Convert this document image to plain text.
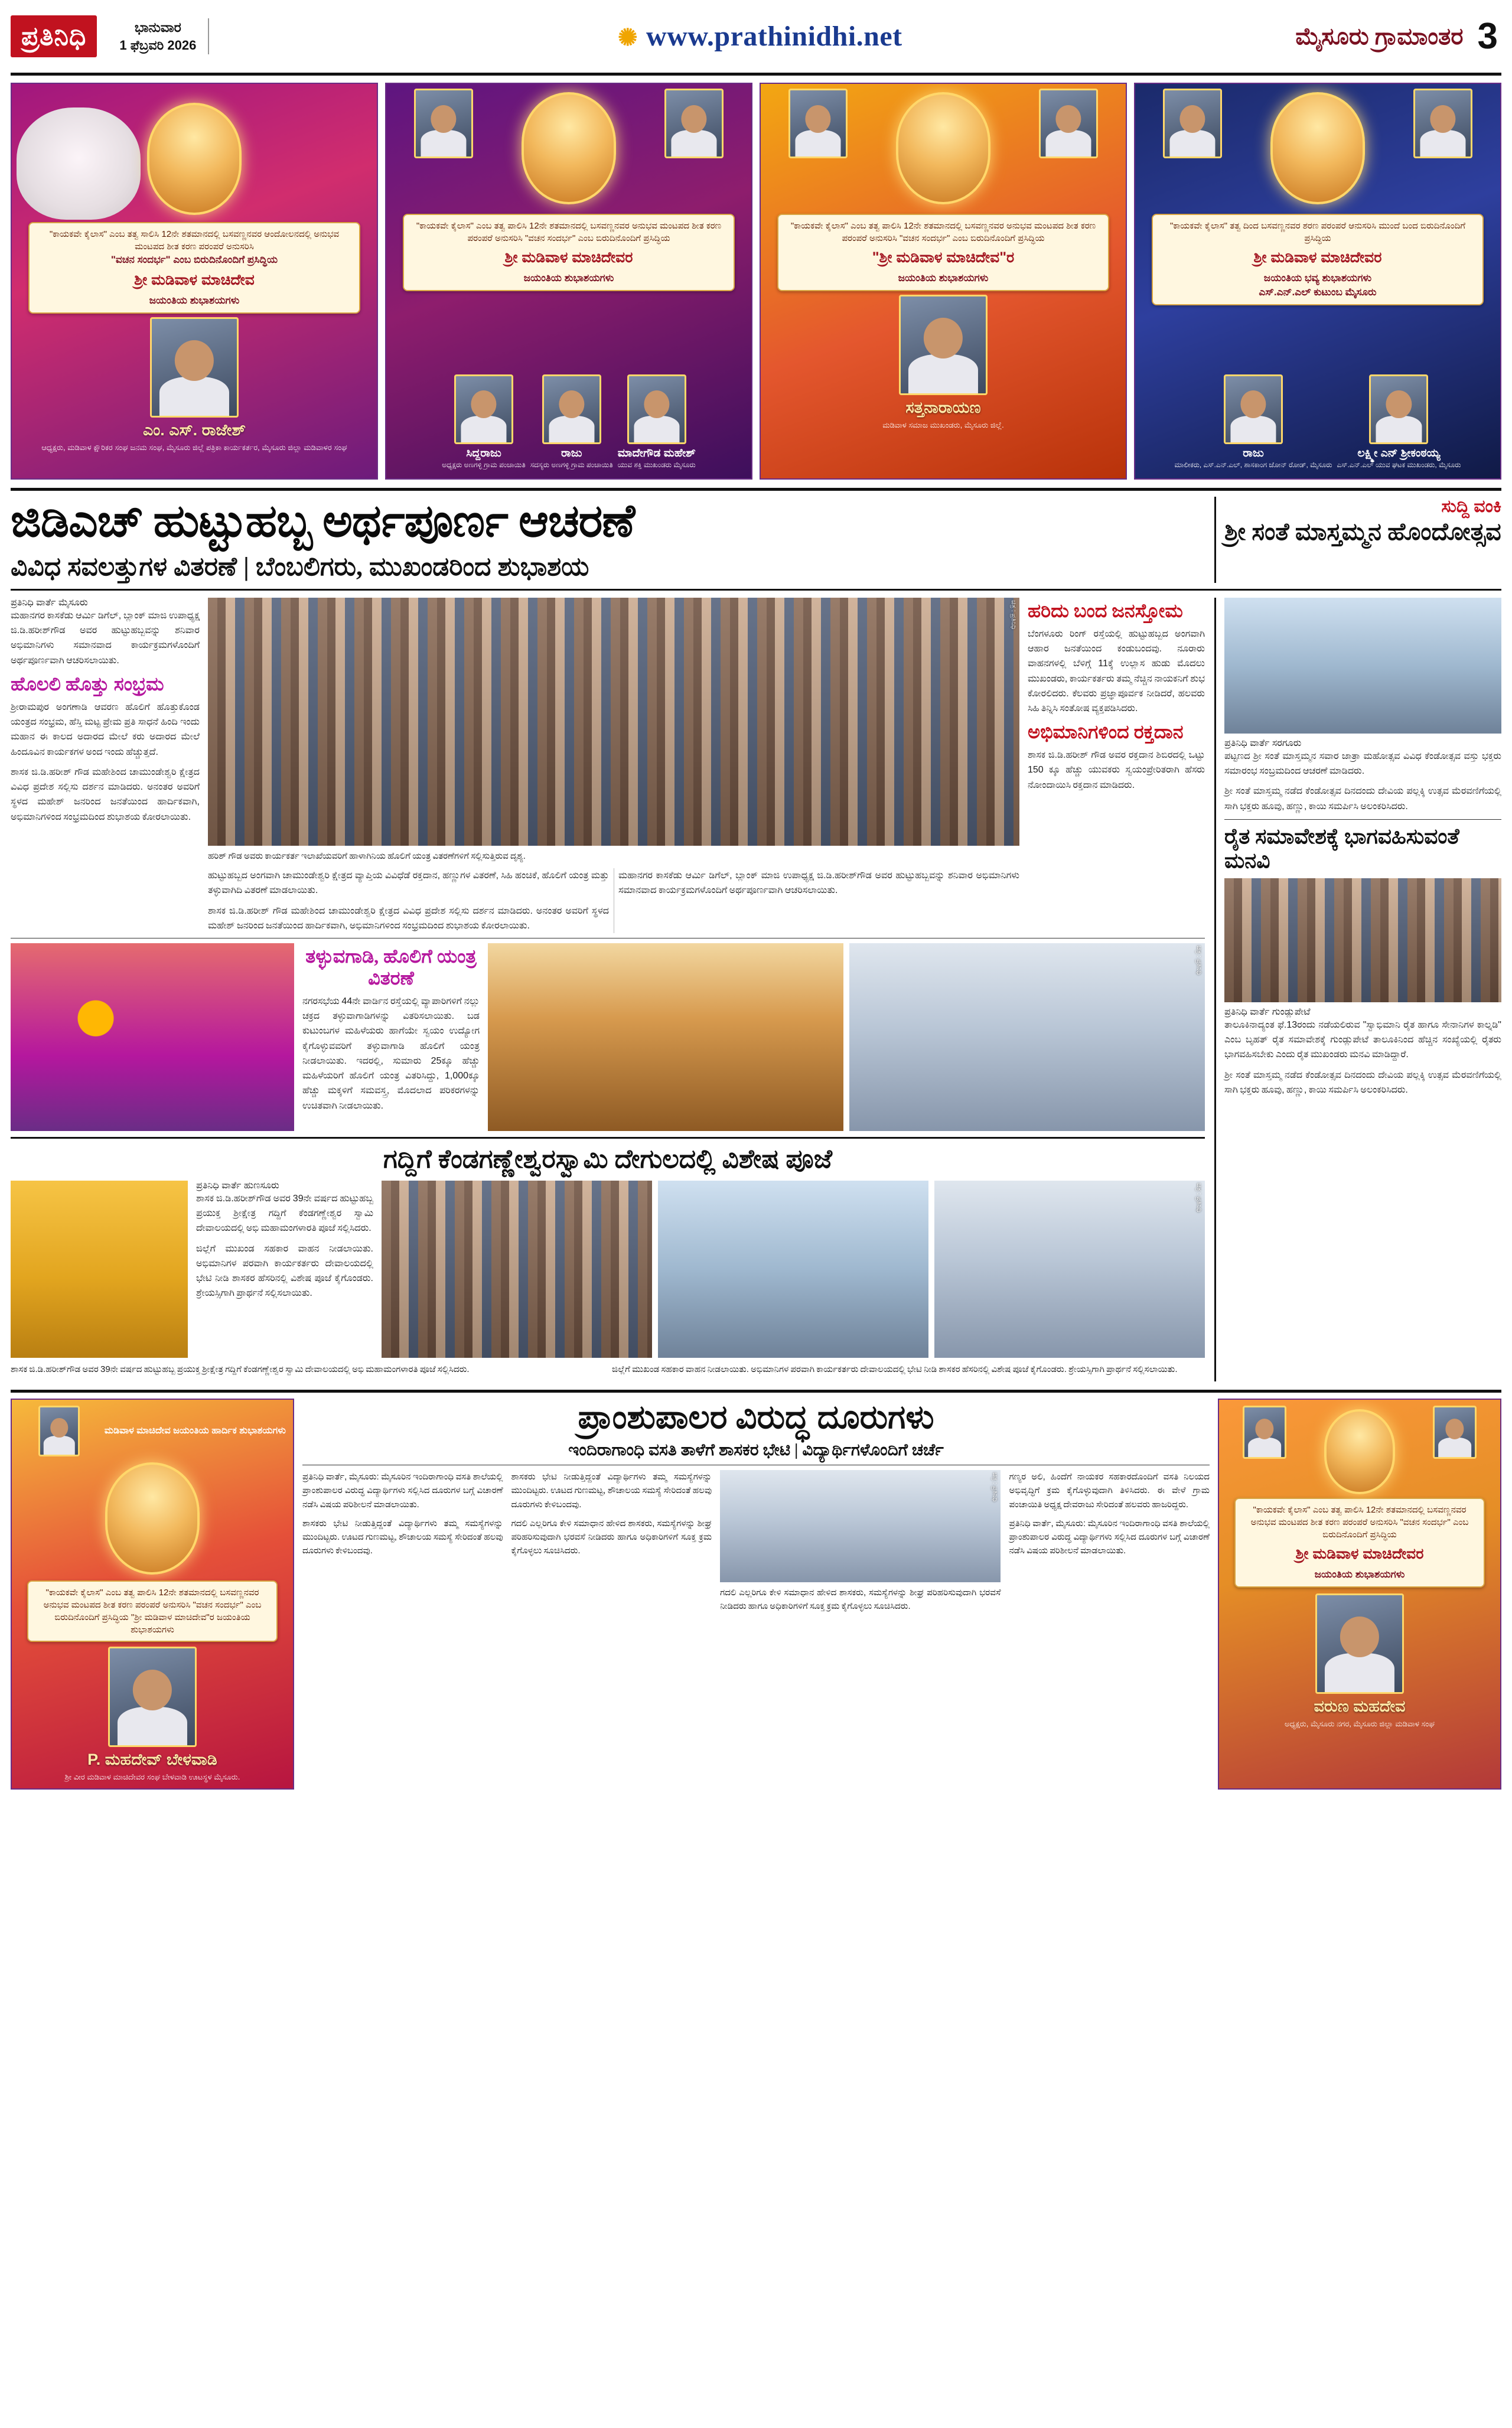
ಪ್ರತಿನಿಧಿ	ಭಾನುವಾರ
1 ಫೆಬ್ರವರಿ 2026	✺ www.prathinidhi.net	ಮೈಸೂರು ಗ್ರಾಮಾಂತರ 3
"ಕಾಯಕವೇ ಕೈಲಾಸ" ಎಂಬ ತತ್ವ ಸಾಲಿಸಿ 12ನೇ ಶತಮಾನದಲ್ಲಿ ಬಸವಣ್ಣನವರ ಆಂದೋಲನದಲ್ಲಿ ಅನುಭವ ಮಂಟಪದ ಶೀತ ಕರಣ ಪರಂಪರೆ ಅನುಸರಿಸಿ
"ವಚನ ಸಂದರ್ಭ" ಎಂಬ ಬಿರುದಿನೊಂದಿಗೆ ಪ್ರಸಿದ್ಧಿಯ
ಶ್ರೀ ಮಡಿವಾಳ ಮಾಚಿದೇವ
ಜಯಂತಿಯ ಶುಭಾಶಯಗಳು
ಎಂ. ಎಸ್. ರಾಜೇಶ್
ಆಧ್ಯಕ್ಷರು, ಮಡಿವಾಳ ಕ್ಷೌರಿಕರ ಸಂಘ ಜನಮ ಸಂಘ, ಮೈಸೂರು ಜಿಲ್ಲೆ ಪತ್ರಿಕಾ ಕಾರ್ಯಕರ್ತರ, ಮೈಸೂರು ಜಿಲ್ಲಾ ಮಡಿವಾಳರ ಸಂಘ
"ಕಾಯಕವೇ ಕೈಲಾಸ" ಎಂಬ ತತ್ವ ಪಾಲಿಸಿ 12ನೇ ಶತಮಾನದಲ್ಲಿ ಬಸವಣ್ಣನವರ ಅನುಭವ ಮಂಟಪದ ಶೀತ ಕರಣ ಪರಂಪರೆ ಅನುಸರಿಸಿ "ವಚನ ಸಂದರ್ಭ" ಎಂಬ ಬಿರುದಿನೊಂದಿಗೆ ಪ್ರಸಿದ್ಧಿಯ
ಶ್ರೀ ಮಡಿವಾಳ ಮಾಚಿದೇವರ
ಜಯಂತಿಯ ಶುಭಾಶಯಗಳು
ಸಿದ್ದರಾಜು
ಅಧ್ಯಕ್ಷರು ಅಣಗಳ್ಳಿ ಗ್ರಾಮ ಪಂಚಾಯಿತಿ
ರಾಜು
ಸದಸ್ಯರು ಅಣಗಳ್ಳಿ ಗ್ರಾಮ ಪಂಚಾಯಿತಿ
ಮಾದೇಗೌಡ ಮಹೇಶ್
ಯುವ ಶಕ್ತಿ ಮುಖಂಡರು ಮೈಸೂರು
"ಕಾಯಕವೇ ಕೈಲಾಸ" ಎಂಬ ತತ್ವ ಪಾಲಿಸಿ 12ನೇ ಶತಮಾನದಲ್ಲಿ ಬಸವಣ್ಣನವರ ಅನುಭವ ಮಂಟಪದ ಶೀತ ಕರಣ ಪರಂಪರೆ ಅನುಸರಿಸಿ "ವಚನ ಸಂದರ್ಭ" ಎಂಬ ಬಿರುದಿನೊಂದಿಗೆ ಪ್ರಸಿದ್ಧಿಯ
"ಶ್ರೀ ಮಡಿವಾಳ ಮಾಚಿದೇವ"ರ
ಜಯಂತಿಯ ಶುಭಾಶಯಗಳು
ಸತ್ತನಾರಾಯಣ
ಮಡಿವಾಳ ಸಮಾಜ ಮುಖಂಡರು, ಮೈಸೂರು ಜಿಲ್ಲೆ.
"ಕಾಯಕವೇ ಕೈಲಾಸ" ತತ್ವ ದಿಂದ ಬಸವಣ್ಣನವರ ಶರಣ ಪರಂಪರೆ ಆನುಸರಿಸಿ ಮುಂದೆ ಬಂದ ಬಿರುದಿನೊಂದಿಗೆ ಪ್ರಸಿದ್ಧಿಯ
ಶ್ರೀ ಮಡಿವಾಳ ಮಾಚಿದೇವರ
ಜಯಂತಿಯ ಭವ್ಯ ಶುಭಾಶಯಗಳು
ಎಸ್.ಎನ್.ಎಲ್ ಕುಟುಂಬ ಮೈಸೂರು
ರಾಜು
ಮಾಲೀಕರು, ಎಸ್.ಎನ್.ಎಲ್, ಶಾಸಕಾಂಗ ಜೋನ್ ರೋಡ್, ಮೈಸೂರು
ಲಕ್ಷ್ಮೀ ಎನ್ ಶ್ರೀಕಂಠಯ್ಯ
ಎಸ್.ಎನ್.ಎಲ್ ಯುವ ಘಟಕ ಮುಖಂಡರು, ಮೈಸೂರು
ಜಿಡಿಎಚ್ ಹುಟ್ಟುಹಬ್ಬ ಅರ್ಥಪೂರ್ಣ ಆಚರಣೆ
ವಿವಿಧ ಸವಲತ್ತುಗಳ ವಿತರಣೆ | ಬೆಂಬಲಿಗರು, ಮುಖಂಡರಿಂದ ಶುಭಾಶಯ
ಸುದ್ದಿ ವಂಕಿ
ಶ್ರೀ ಸಂತೆ ಮಾಸ್ತಮ್ಮನ ಹೊಂದೋತ್ಸವ
ಪ್ರತಿನಿಧಿ ವಾರ್ತೆ ಮೈಸೂರು

ಮಹಾನಗರ ಕಾಸಕೆಡು ಆರ್ಮಿ ಡಿಗೆಲ್, ಬ್ಲಾಂಕ್ ಮಾಜಿ ಉಪಾಧ್ಯಕ್ಷ ಜಿ.ಡಿ.ಹರೀಶ್‌ಗೌಡ ಅವರ ಹುಟ್ಟುಹಬ್ಬವನ್ನು ಶನಿವಾರ ಅಭಿಮಾನಿಗಳು ಸಮಾನವಾದ ಕಾರ್ಯಕ್ರಮಗಳೊಂದಿಗೆ ಅರ್ಥಪೂರ್ಣವಾಗಿ ಆಚರಿಸಲಾಯಿತು.

ಹೊಲಲಿ ಹೊತ್ತು ಸಂಭ್ರಮ

ಶ್ರೀರಾಮಪುರ ಅಂಗಣಾಡಿ ಆವರಣ ಹೊಲಿಗೆ ಹೊತ್ತುಕೊಂಡ ಯಂತ್ರದ ಸಂಭ್ರಮ, ಹೆಸ್ತಿ ಮಟ್ಟ ಪ್ರೇಮ ಪ್ರತಿ ಸಾಧನೆ ಹಿಂದಿ ಇಂದು ಮಹಾನ ಈ ಕಾಲದ ಅದಾರದ ಮೇಲೆ ಕರು ಅದಾರದ ಮೇಲೆ ಹಿಂದೂವಿನ ಕಾರ್ಯಕಗಳ ಅಂದ ಇಂದು ಹೆಚ್ಚುತ್ತದೆ.

ಶಾಸಕ ಜಿ.ಡಿ.ಹರೀಶ್ ಗೌಡ ಮಹೇಶಿಂದ ಚಾಮುಂಡೇಶ್ವರಿ ಕ್ಷೇತ್ರದ ವಿವಿಧ ಪ್ರದೇಶ ಸಲ್ಲಿಸು ದರ್ಶನ ಮಾಡಿದರು. ಅನಂತರ ಅವರಿಗೆ ಸ್ಥಳದ ಮಹೇಶ್ ಜನರಿಂದ ಜನತೆಯಿಂದ ಹಾರ್ದಿಕವಾಗಿ, ಅಭಿಮಾನಿಗಳಿಂದ ಸಂಭ್ರಮದಿಂದ ಶುಭಾಶಯ ಕೋರಲಾಯಿತು.

ಚಿತ್ರ : ಪ್ರತಿನಿಧಿ

ಹರಿಶ್ ಗೌಡ ಅವರು ಕಾರ್ಯಕರ್ತ ಇಲಾಖೆಯವರಿಗೆ ಹಾಳಾಗಿನಿಯ ಹೊಲಿಗೆ ಯಂತ್ರ ವಿತರಣೆಗಳಿಗೆ ಸಲ್ಲಿಸುತ್ತಿರುವ ದೃಶ್ಯ.

ಹುಟ್ಟುಹಬ್ಬದ ಅಂಗವಾಗಿ ಚಾಮುಂಡೇಶ್ವರಿ ಕ್ಷೇತ್ರದ ವ್ಯಾಪ್ತಿಯ ವಿವಿಧೆಡೆ ರಕ್ತದಾನ, ಹಣ್ಣುಗಳ ವಿತರಣೆ, ಸಿಹಿ ಹಂಚಿಕೆ, ಹೊಲಿಗೆ ಯಂತ್ರ ಮತ್ತು ತಳ್ಳುವಾಗಿದಿ ವಿತರಣೆ ಮಾಡಲಾಯಿತು.

ಶಾಸಕ ಜಿ.ಡಿ.ಹರೀಶ್ ಗೌಡ ಮಹೇಶಿಂದ ಚಾಮುಂಡೇಶ್ವರಿ ಕ್ಷೇತ್ರದ ವಿವಿಧ ಪ್ರದೇಶ ಸಲ್ಲಿಸು ದರ್ಶನ ಮಾಡಿದರು. ಅನಂತರ ಅವರಿಗೆ ಸ್ಥಳದ ಮಹೇಶ್ ಜನರಿಂದ ಜನತೆಯಿಂದ ಹಾರ್ದಿಕವಾಗಿ, ಅಭಿಮಾನಿಗಳಿಂದ ಸಂಭ್ರಮದಿಂದ ಶುಭಾಶಯ ಕೋರಲಾಯಿತು.

ಮಹಾನಗರ ಕಾಸಕೆಡು ಆರ್ಮಿ ಡಿಗೆಲ್, ಬ್ಲಾಂಕ್ ಮಾಜಿ ಉಪಾಧ್ಯಕ್ಷ ಜಿ.ಡಿ.ಹರೀಶ್‌ಗೌಡ ಅವರ ಹುಟ್ಟುಹಬ್ಬವನ್ನು ಶನಿವಾರ ಅಭಿಮಾನಿಗಳು ಸಮಾನವಾದ ಕಾರ್ಯಕ್ರಮಗಳೊಂದಿಗೆ ಅರ್ಥಪೂರ್ಣವಾಗಿ ಆಚರಿಸಲಾಯಿತು.

ಹರಿದು ಬಂದ ಜನಸ್ತೋಮ

ಬೆಂಗಳೂರು ರಿಂಗ್ ರಸ್ತೆಯಲ್ಲಿ ಹುಟ್ಟುಹಬ್ಬದ ಅಂಗವಾಗಿ ಆಹಾರ ಜನತೆಯಿಂದ ಕಂಡುಬಂದವು. ನೂರಾರು ವಾಹನಗಳಲ್ಲಿ ಬೆಳಿಗ್ಗೆ 11ಕ್ಕೆ ಉಲ್ಲಾಸ ಹುಡು ಮೊದಲು ಮುಖಂಡರು, ಕಾರ್ಯಕರ್ತರು ತಮ್ಮ ನೆಚ್ಚಿನ ನಾಯಕನಿಗೆ ಶುಭ ಕೋರಲಿದರು. ಕೆಲವರು ಪ್ರಜ್ಞಾಪೂರ್ವಕ ನೀಡಿದರೆ, ಹಲವರು ಸಿಹಿ ತಿನ್ನಿಸಿ ಸಂತೋಷ ವ್ಯಕ್ತಪಡಿಸಿದರು.

ಅಭಿಮಾನಿಗಳಿಂದ ರಕ್ತದಾನ

ಶಾಸಕ ಜಿ.ಡಿ.ಹರೀಶ್ ಗೌಡ ಅವರ ರಕ್ತದಾನ ಶಿಬಿರದಲ್ಲಿ ಒಟ್ಟು 150 ಕ್ಕೂ ಹೆಚ್ಚು ಯುವಕರು ಸ್ವಯಂಪ್ರೇರಿತರಾಗಿ ಹೆಸರು ನೋಂದಾಯಿಸಿ ರಕ್ತದಾನ ಮಾಡಿದರು.

ತಳ್ಳುವಗಾಡಿ, ಹೊಲಿಗೆ ಯಂತ್ರ ವಿತರಣೆ

ನಗರಸಭೆಯ 44ನೇ ವಾರ್ಡಿನ ರಸ್ತೆಯಲ್ಲಿ ವ್ಯಾಪಾರಿಗಳಿಗೆ ನಲ್ಲು ಚಕ್ರದ ತಳ್ಳುವಾಗಾಡಿಗಳನ್ನು ವಿತರಿಸಲಾಯಿತು. ಬಡ ಕುಟುಂಬಗಳ ಮಹಿಳೆಯರು ಹಾಗೆಯೇ ಸ್ವಯಂ ಉದ್ಯೋಗ ಕೈಗೊಳ್ಳುವವರಿಗೆ ತಳ್ಳುವಾಗಾಡಿ ಹೊಲಿಗೆ ಯಂತ್ರ ನೀಡಲಾಯಿತು. ಇದರಲ್ಲಿ, ಸುಮಾರು 25ಕ್ಕೂ ಹೆಚ್ಚು ಮಹಿಳೆಯರಿಗೆ ಹೊಲಿಗೆ ಯಂತ್ರ ವಿತರಿಸಿದ್ದು, 1,000ಕ್ಕೂ ಹೆಚ್ಚು ಮಕ್ಕಳಿಗೆ ಸಮವಸ್ತ್ರ, ಮೊದಲಾದ ಪರಿಕರಗಳನ್ನು ಉಚಿತವಾಗಿ ನೀಡಲಾಯಿತು.

ಚಿತ್ರ : ಪ್ರತಿನಿಧಿ
ಗದ್ದಿಗೆ ಕೆಂಡಗಣ್ಣೇಶ್ವರಸ್ವಾಮಿ ದೇಗುಲದಲ್ಲಿ ವಿಶೇಷ ಪೂಜೆ
ಪ್ರತಿನಿಧಿ ವಾರ್ತೆ ಹುಣಸೂರು

ಶಾಸಕ ಜಿ.ಡಿ.ಹರೀಶ್‌ಗೌಡ ಅವರ 39ನೇ ವರ್ಷದ ಹುಟ್ಟುಹಬ್ಬ ಪ್ರಯುಕ್ತ ಶ್ರೀಕ್ಷೇತ್ರ ಗದ್ದಿಗೆ ಕೆಂಡಗಣ್ಣೇಶ್ವರ ಸ್ವಾಮಿ ದೇವಾಲಯದಲ್ಲಿ ಅಭಿ ಮಹಾಮಂಗಳಾರತಿ ಪೂಜೆ ಸಲ್ಲಿಸಿದರು.

ಜಿಲ್ಲೆಗೆ ಮುಖಂಡ ಸಹಕಾರ ವಾಹನ ನೀಡಲಾಯಿತು. ಅಭಿಮಾನಿಗಳ ಪರವಾಗಿ ಕಾರ್ಯಕರ್ತರು ದೇವಾಲಯದಲ್ಲಿ ಭೇಟಿ ನೀಡಿ ಶಾಸಕರ ಹೆಸರಿನಲ್ಲಿ ವಿಶೇಷ ಪೂಜೆ ಕೈಗೊಂಡರು. ಶ್ರೇಯಸ್ಸಿಗಾಗಿ ಪ್ರಾರ್ಥನೆ ಸಲ್ಲಿಸಲಾಯಿತು.

ಚಿತ್ರ : ಪ್ರತಿನಿಧಿ

ಶಾಸಕ ಜಿ.ಡಿ.ಹರೀಶ್‌ಗೌಡ ಅವರ 39ನೇ ವರ್ಷದ ಹುಟ್ಟುಹಬ್ಬ ಪ್ರಯುಕ್ತ ಶ್ರೀಕ್ಷೇತ್ರ ಗದ್ದಿಗೆ ಕೆಂಡಗಣ್ಣೇಶ್ವರ ಸ್ವಾಮಿ ದೇವಾಲಯದಲ್ಲಿ ಅಭಿ ಮಹಾಮಂಗಳಾರತಿ ಪೂಜೆ ಸಲ್ಲಿಸಿದರು.	ಜಿಲ್ಲೆಗೆ ಮುಖಂಡ ಸಹಕಾರ ವಾಹನ ನೀಡಲಾಯಿತು. ಅಭಿಮಾನಿಗಳ ಪರವಾಗಿ ಕಾರ್ಯಕರ್ತರು ದೇವಾಲಯದಲ್ಲಿ ಭೇಟಿ ನೀಡಿ ಶಾಸಕರ ಹೆಸರಿನಲ್ಲಿ ವಿಶೇಷ ಪೂಜೆ ಕೈಗೊಂಡರು. ಶ್ರೇಯಸ್ಸಿಗಾಗಿ ಪ್ರಾರ್ಥನೆ ಸಲ್ಲಿಸಲಾಯಿತು.

ಪ್ರತಿನಿಧಿ ವಾರ್ತೆ ಸರಗೂರು

ಪಟ್ಟಣದ ಶ್ರೀ ಸಂತೆ ಮಾಸ್ತಮ್ಮನ ಸವಾರ ಜಾತ್ರಾ ಮಹೋತ್ಸವ ವಿವಿಧ ಕೆಂಡೋತ್ಸವ ವಸ್ತು ಭಕ್ತರು ಸಮಾರಂಭ ಸಂಬ್ರಮದಿಂದ ಆಚರಣೆ ಮಾಡಿದರು.

ಶ್ರೀ ಸಂತೆ ಮಾಸ್ತಮ್ಮ ನಡೆದ ಕೆಂಡೋತ್ಸವ ದಿನದಂದು ದೇವಿಯ ಪಲ್ಲಕ್ಕಿ ಉತ್ಸವ ಮೆರವಣಿಗೆಯಲ್ಲಿ ಸಾಗಿ ಭಕ್ತರು ಹೂವು, ಹಣ್ಣು, ಕಾಯಿ ಸಮರ್ಪಿಸಿ ಅಲಂಕರಿಸಿದರು.

ರೈತ ಸಮಾವೇಶಕ್ಕೆ ಭಾಗವಹಿಸುವಂತೆ ಮನವಿ
ಪ್ರತಿನಿಧಿ ವಾರ್ತೆ ಗುಂಡ್ಲುಪೇಟೆ

ತಾಲೂಕಿನಾದ್ಯಂತ ಫೆ.13ರಂದು ನಡೆಯಲಿರುವ "ಸ್ವಾಭಿಮಾನಿ ರೈತ ಹಾಗೂ ಸೇನಾನಿಗಳ ಕಾಲ್ನಡಿ" ಎಂಬ ಬೃಹತ್ ರೈತ ಸಮಾವೇಶಕ್ಕೆ ಗುಂಡ್ಲುಪೇಟೆ ತಾಲೂಕಿನಿಂದ ಹೆಚ್ಚಿನ ಸಂಖ್ಯೆಯಲ್ಲಿ ರೈತರು ಭಾಗವಹಿಸಬೇಕು ಎಂದು ರೈತ ಮುಖಂಡರು ಮನವಿ ಮಾಡಿದ್ದಾರೆ.

ಶ್ರೀ ಸಂತೆ ಮಾಸ್ತಮ್ಮ ನಡೆದ ಕೆಂಡೋತ್ಸವ ದಿನದಂದು ದೇವಿಯ ಪಲ್ಲಕ್ಕಿ ಉತ್ಸವ ಮೆರವಣಿಗೆಯಲ್ಲಿ ಸಾಗಿ ಭಕ್ತರು ಹೂವು, ಹಣ್ಣು, ಕಾಯಿ ಸಮರ್ಪಿಸಿ ಅಲಂಕರಿಸಿದರು.

ಮಡಿವಾಳ ಮಾಚಿದೇವ ಜಯಂತಿಯ ಹಾರ್ದಿಕ ಶುಭಾಶಯಗಳು
"ಕಾಯಕವೇ ಕೈಲಾಸ" ಎಂಬ ತತ್ವ ಪಾಲಿಸಿ 12ನೇ ಶತಮಾನದಲ್ಲಿ ಬಸವಣ್ಣನವರ ಅನುಭವ ಮಂಟಪದ ಶೀತ ಕರಣ ಪರಂಪರೆ ಅನುಸರಿಸಿ "ವಚನ ಸಂದರ್ಭ" ಎಂಬ ಬಿರುದಿನೊಂದಿಗೆ ಪ್ರಸಿದ್ಧಿಯ "ಶ್ರೀ ಮಡಿವಾಳ ಮಾಚಿದೇವ"ರ ಜಯಂತಿಯ ಶುಭಾಶಯಗಳು
P. ಮಹದೇವ್ ಬೇಳವಾಡಿ
ಶ್ರೀ ವೀರ ಮಡಿವಾಳ ಮಾಚಿದೇವರ ಸಂಘ ಬೇಳವಾಡಿ ಊಟಸ್ಥಳ ಮೈಸೂರು.
ಪ್ರಾಂಶುಪಾಲರ ವಿರುದ್ಧ ದೂರುಗಳು
ಇಂದಿರಾಗಾಂಧಿ ವಸತಿ ತಾಳೆಗೆ ಶಾಸಕರ ಭೇಟಿ | ವಿದ್ಯಾರ್ಥಿಗಳೊಂದಿಗೆ ಚರ್ಚೆ

ಪ್ರತಿನಿಧಿ ವಾರ್ತೆ, ಮೈಸೂರು: ಮೈಸೂರಿನ ಇಂದಿರಾಗಾಂಧಿ ವಸತಿ ಶಾಲೆಯಲ್ಲಿ ಪ್ರಾಂಶುಪಾಲರ ವಿರುದ್ಧ ವಿದ್ಯಾರ್ಥಿಗಳು ಸಲ್ಲಿಸಿದ ದೂರುಗಳ ಬಗ್ಗೆ ವಿಚಾರಣೆ ನಡೆಸಿ ವಿಷಯ ಪರಿಶೀಲನೆ ಮಾಡಲಾಯಿತು.

ಶಾಸಕರು ಭೇಟಿ ನೀಡುತ್ತಿದ್ದಂತೆ ವಿದ್ಯಾರ್ಥಿಗಳು ತಮ್ಮ ಸಮಸ್ಯೆಗಳನ್ನು ಮುಂದಿಟ್ಟರು. ಊಟದ ಗುಣಮಟ್ಟ, ಶೌಚಾಲಯ ಸಮಸ್ಯೆ ಸೇರಿದಂತೆ ಹಲವು ದೂರುಗಳು ಕೇಳಿಬಂದವು.

ಶಾಸಕರು ಭೇಟಿ ನೀಡುತ್ತಿದ್ದಂತೆ ವಿದ್ಯಾರ್ಥಿಗಳು ತಮ್ಮ ಸಮಸ್ಯೆಗಳನ್ನು ಮುಂದಿಟ್ಟರು. ಊಟದ ಗುಣಮಟ್ಟ, ಶೌಚಾಲಯ ಸಮಸ್ಯೆ ಸೇರಿದಂತೆ ಹಲವು ದೂರುಗಳು ಕೇಳಿಬಂದವು.

ಗದಲಿ ಎಲ್ಲರಿಗೂ ಕೇಳಿ ಸಮಾಧಾನ ಹೇಳಿದ ಶಾಸಕರು, ಸಮಸ್ಯೆಗಳನ್ನು ಶೀಘ್ರ ಪರಿಹರಿಸುವುದಾಗಿ ಭರವಸೆ ನೀಡಿದರು ಹಾಗೂ ಅಧಿಕಾರಿಗಳಿಗೆ ಸೂಕ್ತ ಕ್ರಮ ಕೈಗೊಳ್ಳಲು ಸೂಚಿಸಿದರು.

ಚಿತ್ರ : ಪ್ರತಿನಿಧಿ

ಗದಲಿ ಎಲ್ಲರಿಗೂ ಕೇಳಿ ಸಮಾಧಾನ ಹೇಳಿದ ಶಾಸಕರು, ಸಮಸ್ಯೆಗಳನ್ನು ಶೀಘ್ರ ಪರಿಹರಿಸುವುದಾಗಿ ಭರವಸೆ ನೀಡಿದರು ಹಾಗೂ ಅಧಿಕಾರಿಗಳಿಗೆ ಸೂಕ್ತ ಕ್ರಮ ಕೈಗೊಳ್ಳಲು ಸೂಚಿಸಿದರು.

ಗಣ್ಯರ ಅಲಿ, ಹಿಂದೆಗೆ ನಾಯಕರ ಸಹಕಾರದೊಂದಿಗೆ ವಸತಿ ನಿಲಯದ ಅಭಿವೃದ್ಧಿಗೆ ಕ್ರಮ ಕೈಗೊಳ್ಳುವುದಾಗಿ ತಿಳಿಸಿದರು. ಈ ವೇಳೆ ಗ್ರಾಮ ಪಂಚಾಯಿತಿ ಅಧ್ಯಕ್ಷ ದೇವರಾಜು ಸೇರಿದಂತೆ ಹಲವರು ಹಾಜರಿದ್ದರು.

ಪ್ರತಿನಿಧಿ ವಾರ್ತೆ, ಮೈಸೂರು: ಮೈಸೂರಿನ ಇಂದಿರಾಗಾಂಧಿ ವಸತಿ ಶಾಲೆಯಲ್ಲಿ ಪ್ರಾಂಶುಪಾಲರ ವಿರುದ್ಧ ವಿದ್ಯಾರ್ಥಿಗಳು ಸಲ್ಲಿಸಿದ ದೂರುಗಳ ಬಗ್ಗೆ ವಿಚಾರಣೆ ನಡೆಸಿ ವಿಷಯ ಪರಿಶೀಲನೆ ಮಾಡಲಾಯಿತು.

"ಕಾಯಕವೇ ಕೈಲಾಸ" ಎಂಬ ತತ್ವ ಪಾಲಿಸಿ 12ನೇ ಶತಮಾನದಲ್ಲಿ ಬಸವಣ್ಣನವರ ಅನುಭವ ಮಂಟಪದ ಶೀತ ಕರಣ ಪರಂಪರೆ ಅನುಸರಿಸಿ "ವಚನ ಸಂದರ್ಭ" ಎಂಬ ಬಿರುದಿನೊಂದಿಗೆ ಪ್ರಸಿದ್ಧಿಯ
ಶ್ರೀ ಮಡಿವಾಳ ಮಾಚಿದೇವರ
ಜಯಂತಿಯ ಶುಭಾಶಯಗಳು
ವರುಣ ಮಹದೇವ
ಅಧ್ಯಕ್ಷರು, ಮೈಸೂರು ನಗರ, ಮೈಸೂರು ಜಿಲ್ಲಾ ಮಡಿವಾಳ ಸಂಘ
